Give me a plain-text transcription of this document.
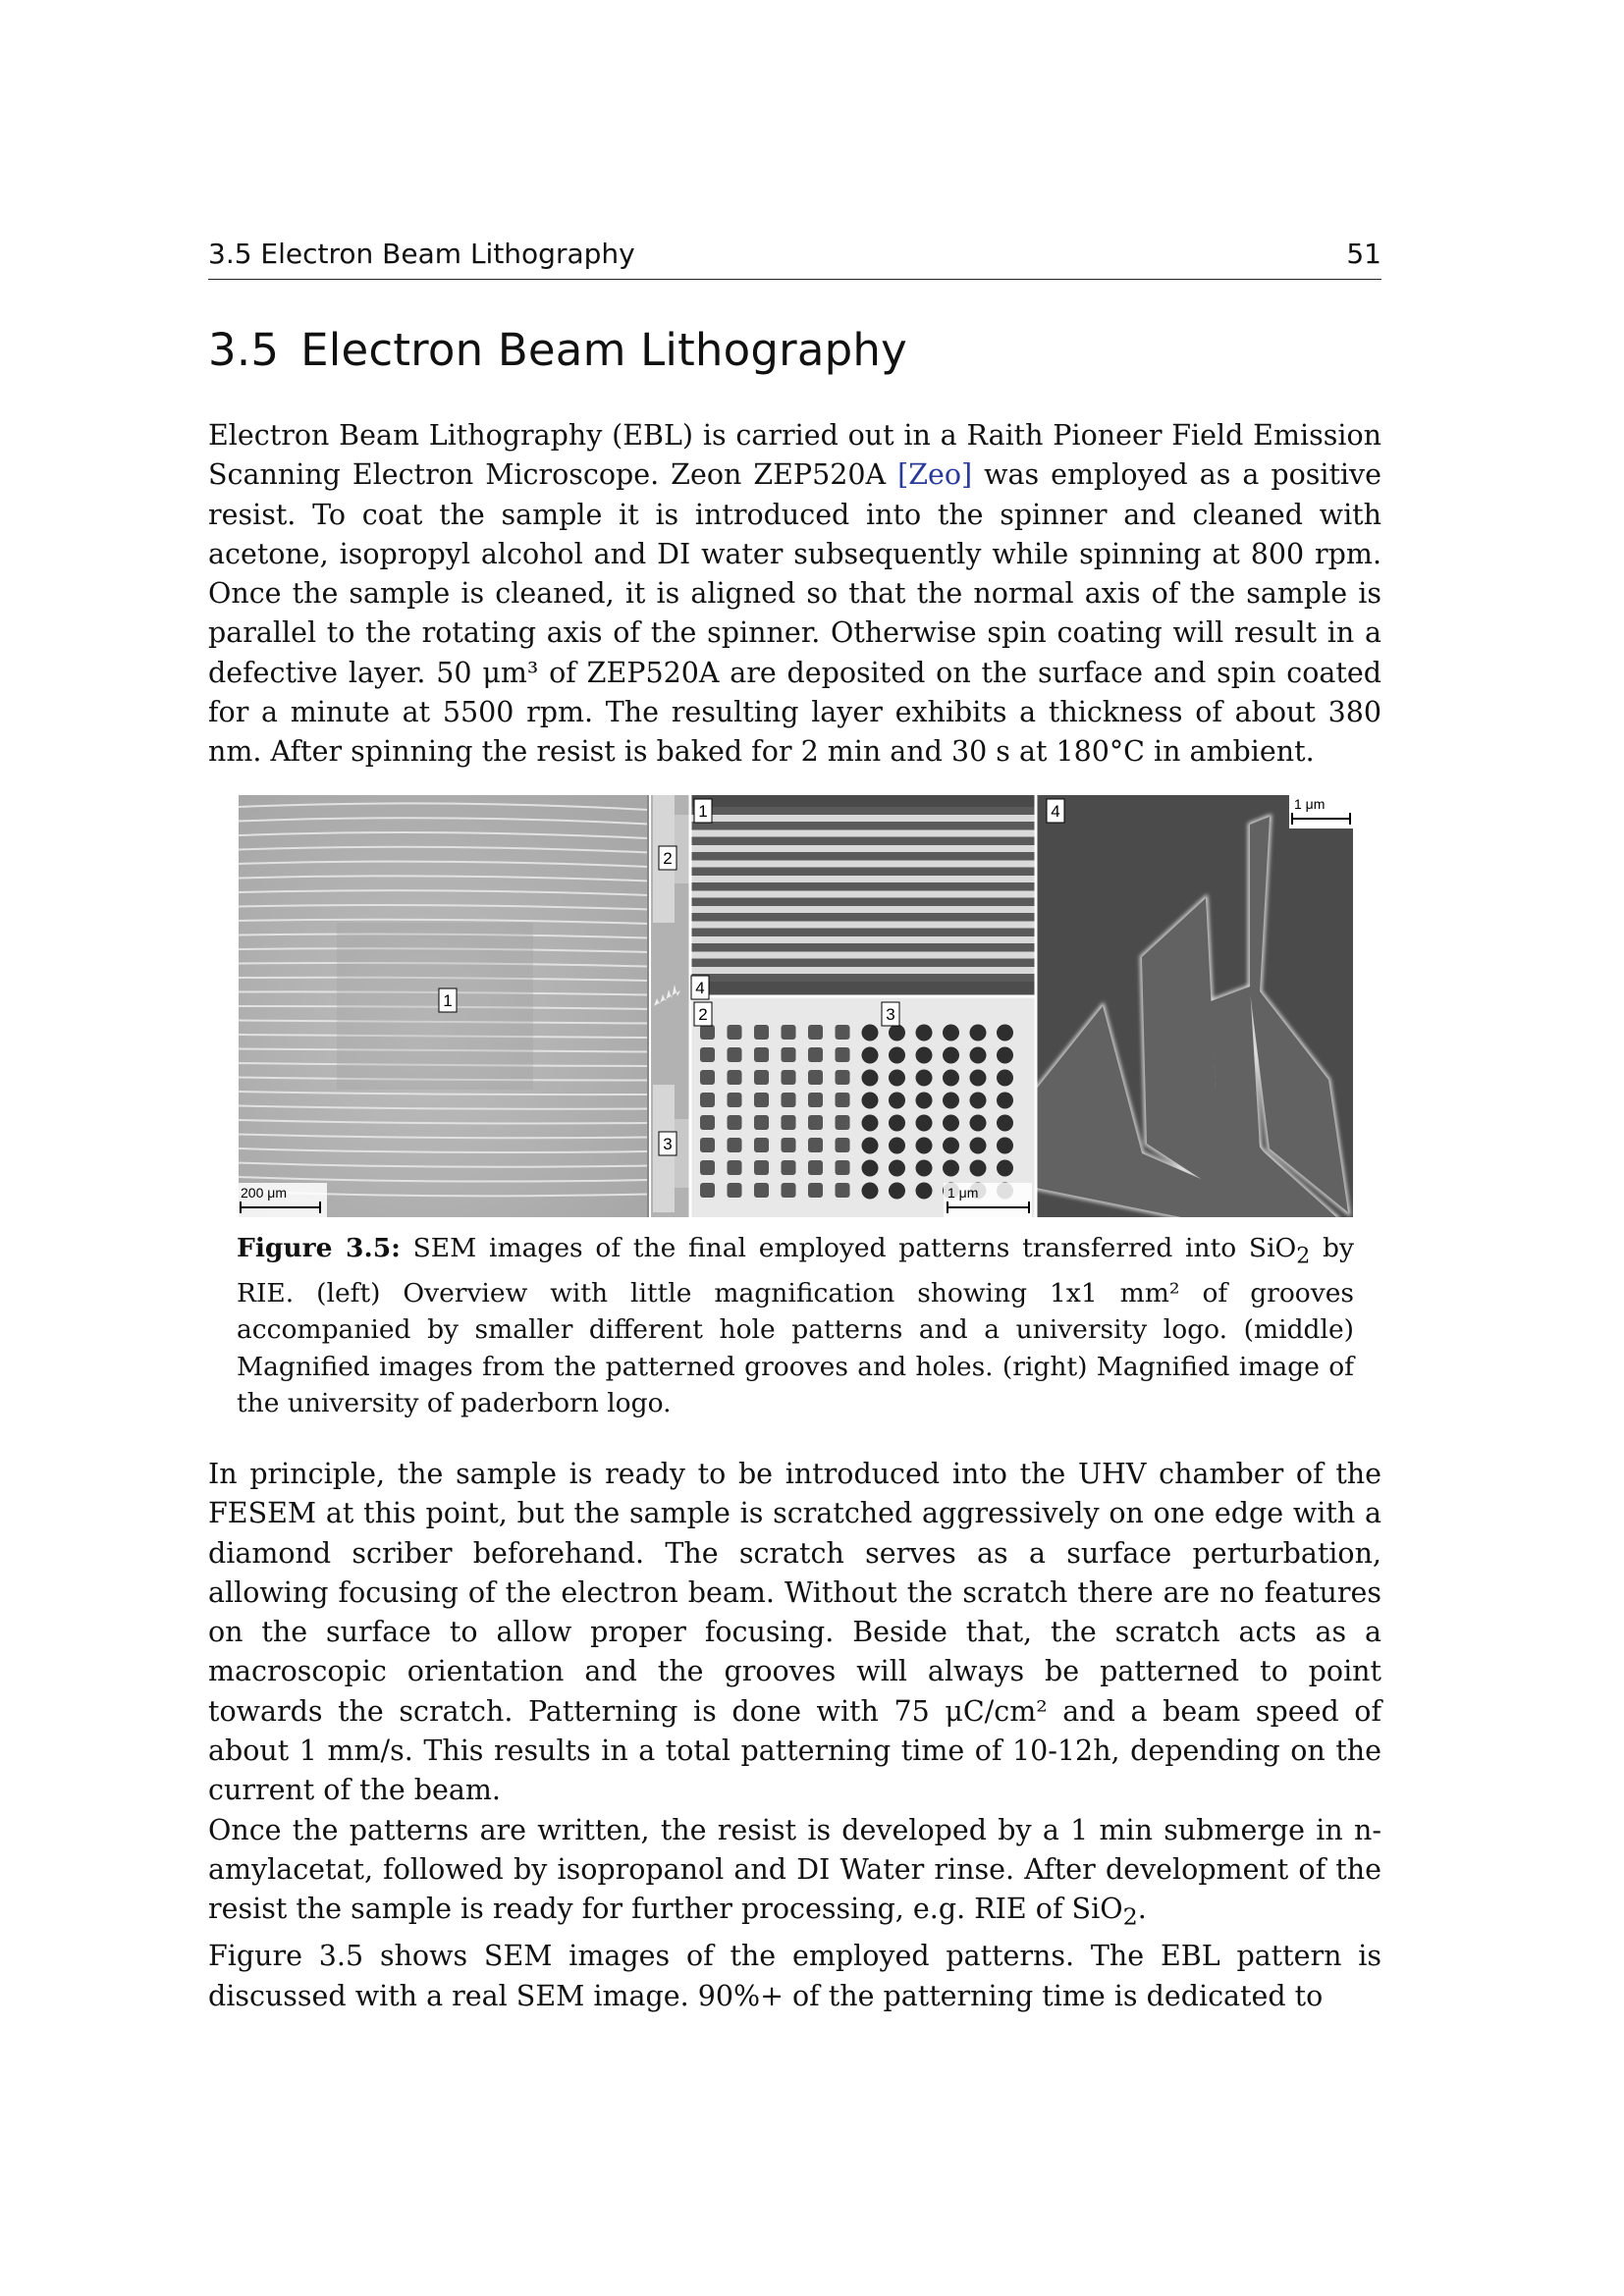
3.5 Electron Beam Lithography	51
3.5 Electron Beam Lithography

Electron Beam Lithography (EBL) is carried out in a Raith Pioneer Field Emission Scanning Electron Microscope. Zeon ZEP520A [Zeo] was employed as a positive resist. To coat the sample it is introduced into the spinner and cleaned with acetone, isopropyl alcohol and DI water subsequently while spinning at 800 rpm. Once the sample is cleaned, it is aligned so that the normal axis of the sample is parallel to the rotating axis of the spinner. Otherwise spin coating will result in a defective layer. 50 μm³ of ZEP520A are deposited on the surface and spin coated for a minute at 5500 rpm. The resulting layer exhibits a thickness of about 380 nm. After spinning the resist is baked for 2 min and 30 s at 180°C in ambient.

1
2
3
4
1
2	3
4
200 μm	1 μm
1 μm

Figure 3.5: SEM images of the final employed patterns transferred into SiO$_2$ by RIE. (left) Overview with little magnification showing 1x1 mm² of grooves accompanied by smaller different hole patterns and a university logo. (middle) Magnified images from the patterned grooves and holes. (right) Magnified image of the university of paderborn logo.

In principle, the sample is ready to be introduced into the UHV chamber of the FESEM at this point, but the sample is scratched aggressively on one edge with a diamond scriber beforehand. The scratch serves as a surface perturbation, allowing focusing of the electron beam. Without the scratch there are no features on the surface to allow proper focusing. Beside that, the scratch acts as a macroscopic orientation and the grooves will always be patterned to point towards the scratch. Patterning is done with 75 μC/cm² and a beam speed of about 1 mm/s. This results in a total patterning time of 10-12h, depending on the current of the beam.
Once the patterns are written, the resist is developed by a 1 min submerge in n-amylacetat, followed by isopropanol and DI Water rinse. After development of the resist the sample is ready for further processing, e.g. RIE of SiO$_2$.
Figure 3.5 shows SEM images of the employed patterns. The EBL pattern is discussed with a real SEM image. 90%+ of the patterning time is dedicated to
